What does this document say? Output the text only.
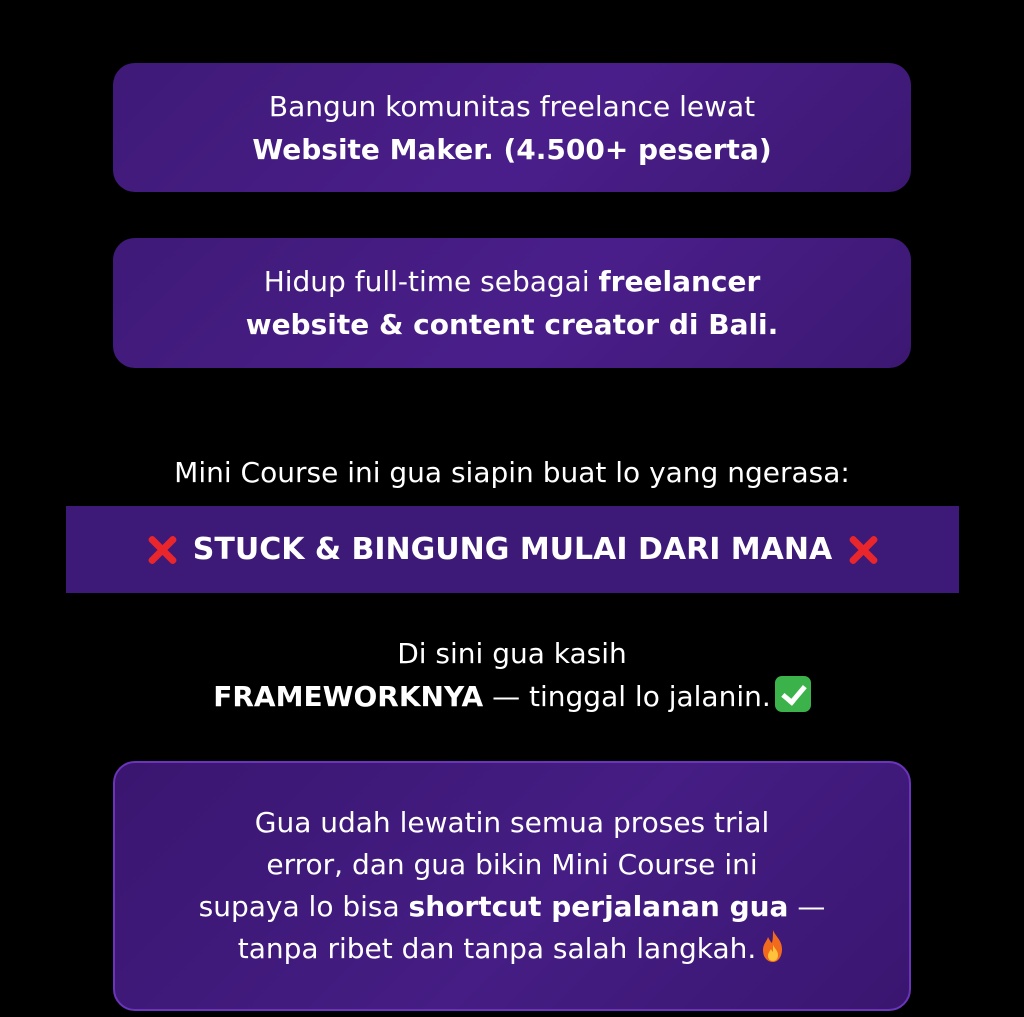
Bangun komunitas freelance lewat
Website Maker. (4.500+ peserta)
Hidup full-time sebagai freelancer
website & content creator di Bali.
Mini Course ini gua siapin buat lo yang ngerasa:
STUCK & BINGUNG MULAI DARI MANA
Di sini gua kasih
FRAMEWORKNYA — tinggal lo jalanin.
Gua udah lewatin semua proses trial
error, dan gua bikin Mini Course ini
supaya lo bisa shortcut perjalanan gua —
tanpa ribet dan tanpa salah langkah.
